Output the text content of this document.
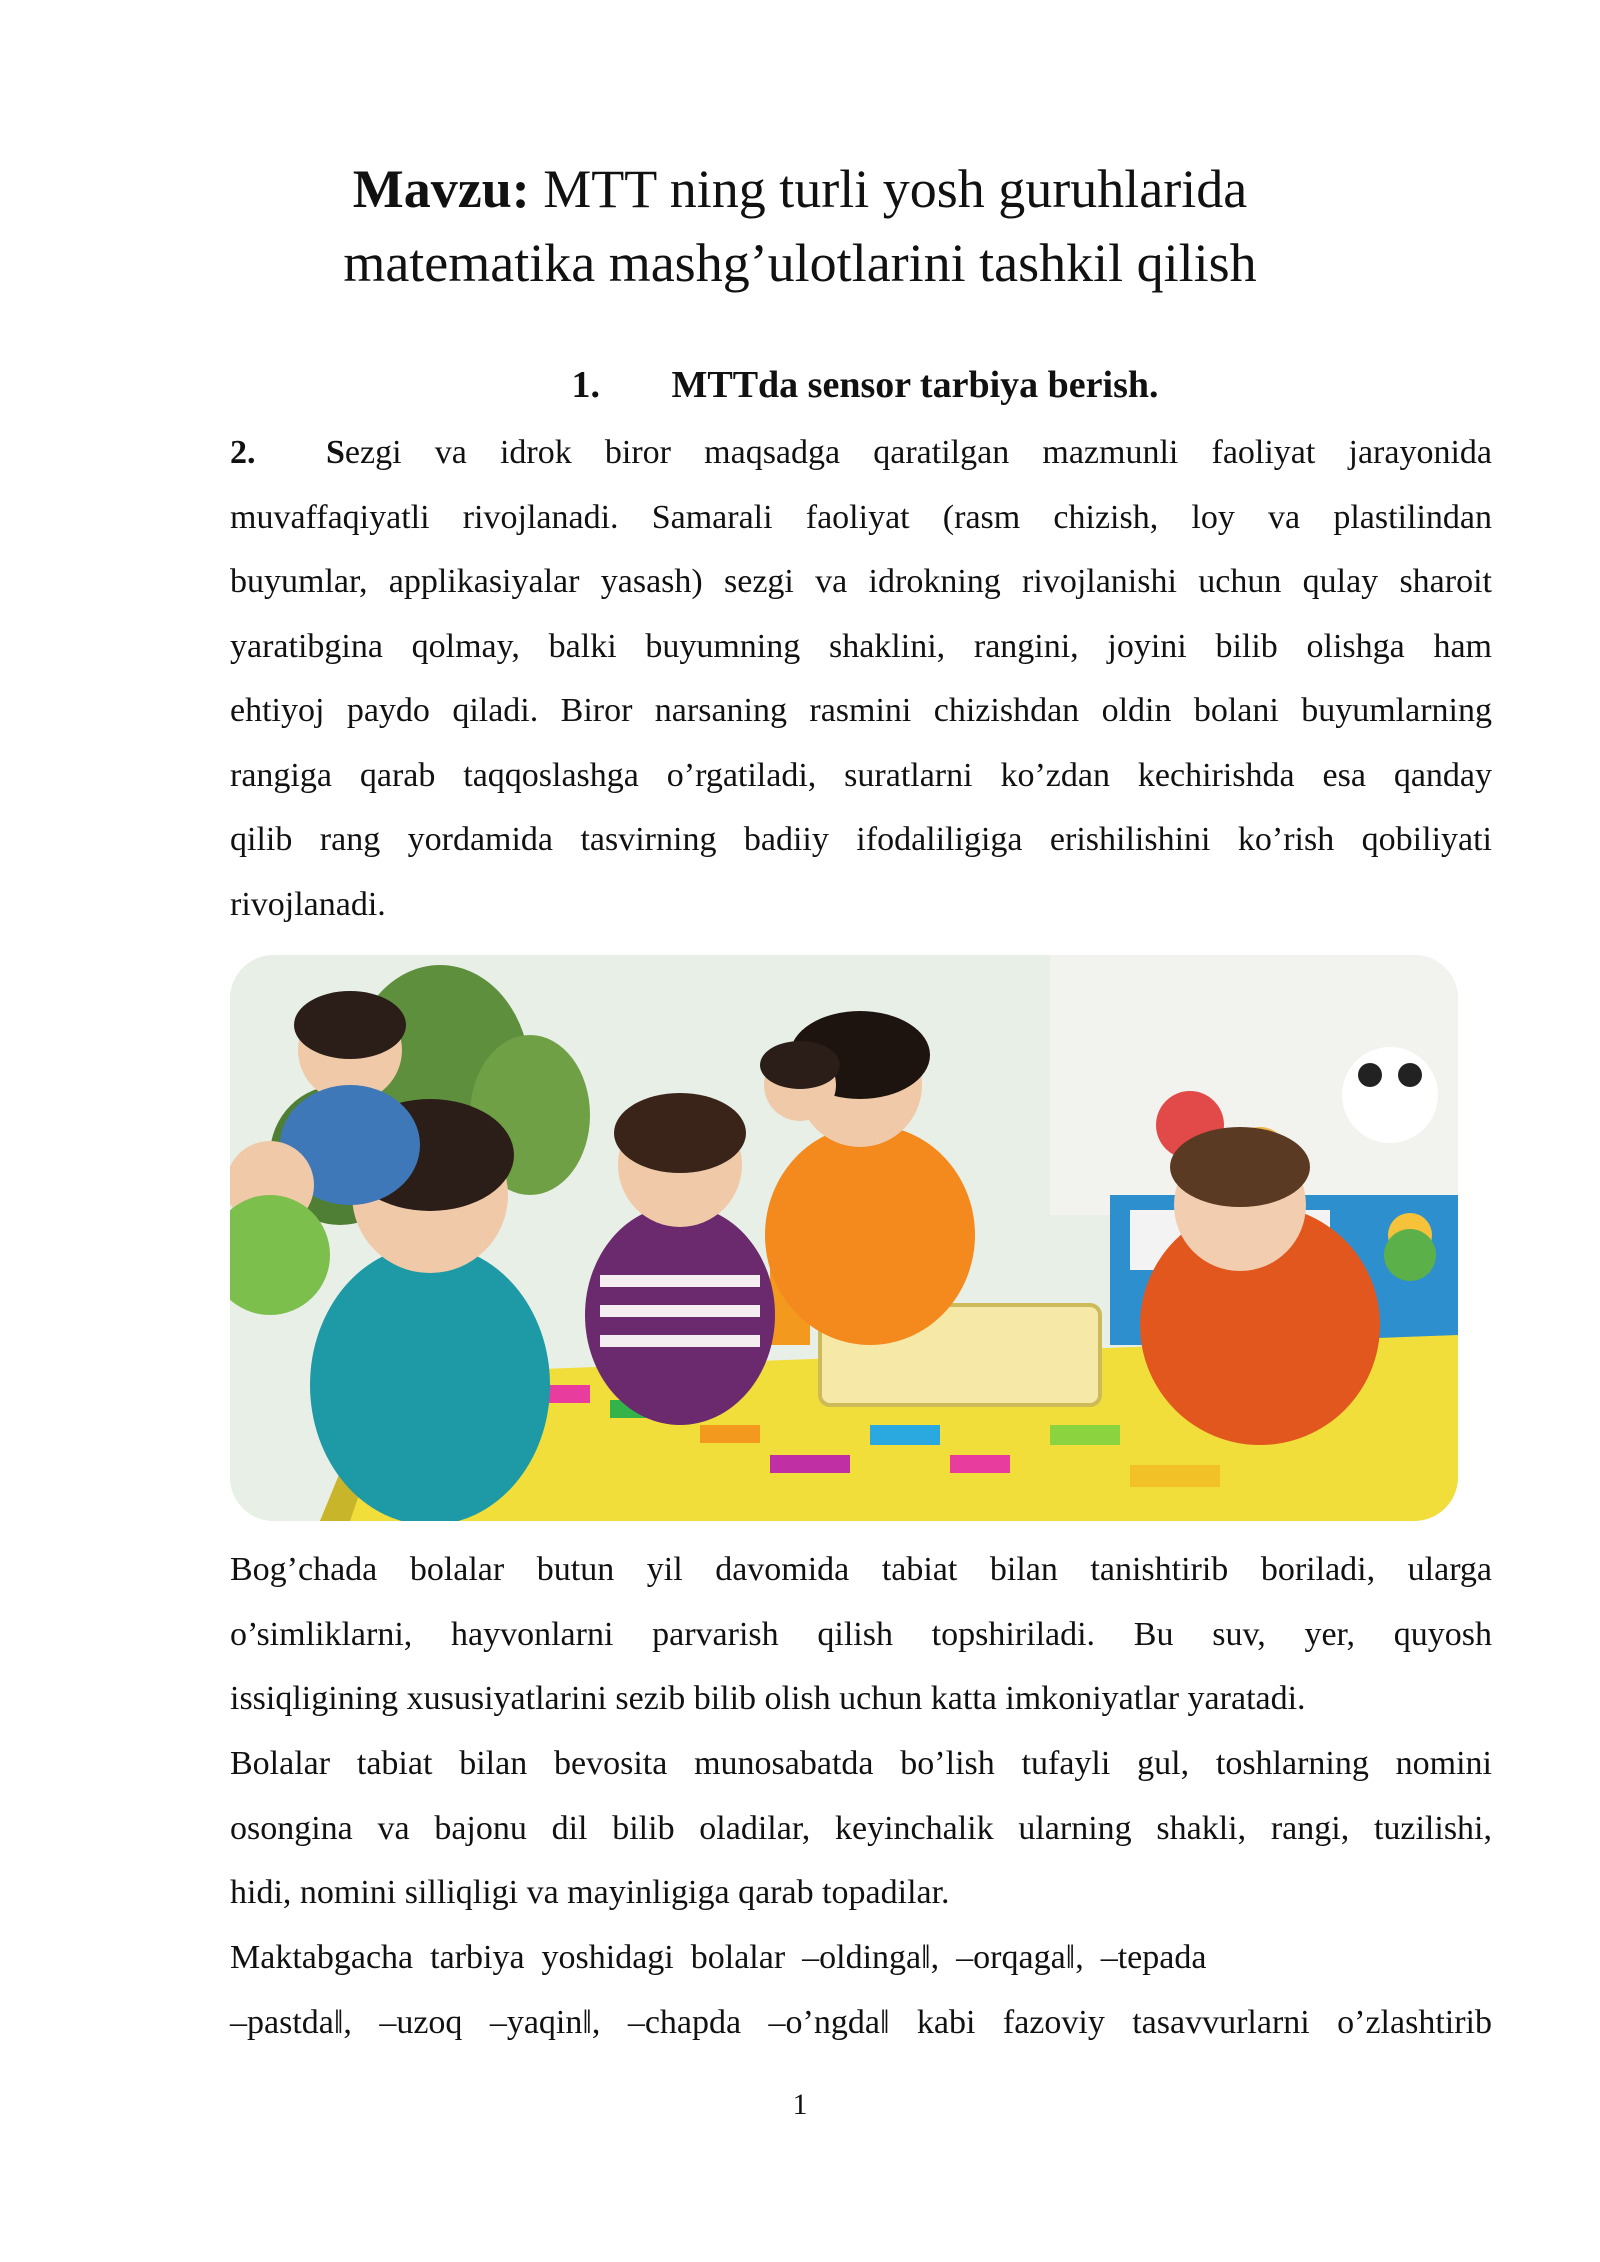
Mavzu: MTT ning turli yosh guruhlarida
matematika mashg’ulotlarini tashkil qilish
1. MTTda sensor tarbiya berish.
2. Sezgi va idrok biror maqsadga qaratilgan mazmunli faoliyat jarayonida
muvaffaqiyatli rivojlanadi. Samarali faoliyat (rasm chizish, loy va plastilindan
buyumlar, applikasiyalar yasash) sezgi va idrokning rivojlanishi uchun qulay sharoit
yaratibgina qolmay, balki buyumning shaklini, rangini, joyini bilib olishga ham
ehtiyoj paydo qiladi. Biror narsaning rasmini chizishdan oldin bolani buyumlarning
rangiga qarab taqqoslashga o’rgatiladi, suratlarni ko’zdan kechirishda esa qanday
qilib rang yordamida tasvirning badiiy ifodaliligiga erishilishini ko’rish qobiliyati
rivojlanadi.
Bog’chada bolalar butun yil davomida tabiat bilan tanishtirib boriladi, ularga
o’simliklarni, hayvonlarni parvarish qilish topshiriladi. Bu suv, yer, quyosh
issiqligining xususiyatlarini sezib bilib olish uchun katta imkoniyatlar yaratadi.
Bolalar tabiat bilan bevosita munosabatda bo’lish tufayli gul, toshlarning nomini
osongina va bajonu dil bilib oladilar, keyinchalik ularning shakli, rangi, tuzilishi,
hidi, nomini silliqligi va mayinligiga qarab topadilar.
Maktabgacha  tarbiya  yoshidagi  bolalar  ‒oldinga‖,  ‒orqaga‖,  ‒tepada
‒pastda‖, ‒uzoq ‒yaqin‖, ‒chapda ‒o’ngda‖ kabi fazoviy tasavvurlarni o’zlashtirib
1
